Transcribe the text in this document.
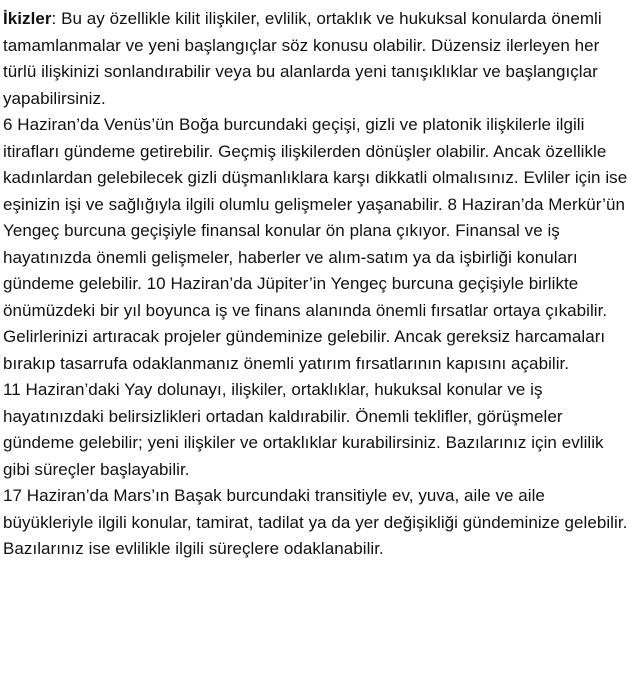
İkizler: Bu ay özellikle kilit ilişkiler, evlilik, ortaklık ve hukuksal konularda önemli tamamlanmalar ve yeni başlangıçlar söz konusu olabilir. Düzensiz ilerleyen her türlü ilişkinizi sonlandırabilir veya bu alanlarda yeni tanışıklıklar ve başlangıçlar yapabilirsiniz.

6 Haziran’da Venüs’ün Boğa burcundaki geçişi, gizli ve platonik ilişkilerle ilgili itirafları gündeme getirebilir. Geçmiş ilişkilerden dönüşler olabilir. Ancak özellikle kadınlardan gelebilecek gizli düşmanlıklara karşı dikkatli olmalısınız. Evliler için ise eşinizin işi ve sağlığıyla ilgili olumlu gelişmeler yaşanabilir. 8 Haziran’da Merkür’ün Yengeç burcuna geçişiyle finansal konular ön plana çıkıyor. Finansal ve iş hayatınızda önemli gelişmeler, haberler ve alım-satım ya da işbirliği konuları gündeme gelebilir. 10 Haziran’da Jüpiter’in Yengeç burcuna geçişiyle birlikte önümüzdeki bir yıl boyunca iş ve finans alanında önemli fırsatlar ortaya çıkabilir. Gelirlerinizi artıracak projeler gündeminize gelebilir. Ancak gereksiz harcamaları bırakıp tasarrufa odaklanmanız önemli yatırım fırsatlarının kapısını açabilir.

11 Haziran’daki Yay dolunayı, ilişkiler, ortaklıklar, hukuksal konular ve iş hayatınızdaki belirsizlikleri ortadan kaldırabilir. Önemli teklifler, görüşmeler gündeme gelebilir; yeni ilişkiler ve ortaklıklar kurabilirsiniz. Bazılarınız için evlilik gibi süreçler başlayabilir.

17 Haziran’da Mars’ın Başak burcundaki transitiyle ev, yuva, aile ve aile büyükleriyle ilgili konular, tamirat, tadilat ya da yer değişikliği gündeminize gelebilir. Bazılarınız ise evlilikle ilgili süreçlere odaklanabilir.
